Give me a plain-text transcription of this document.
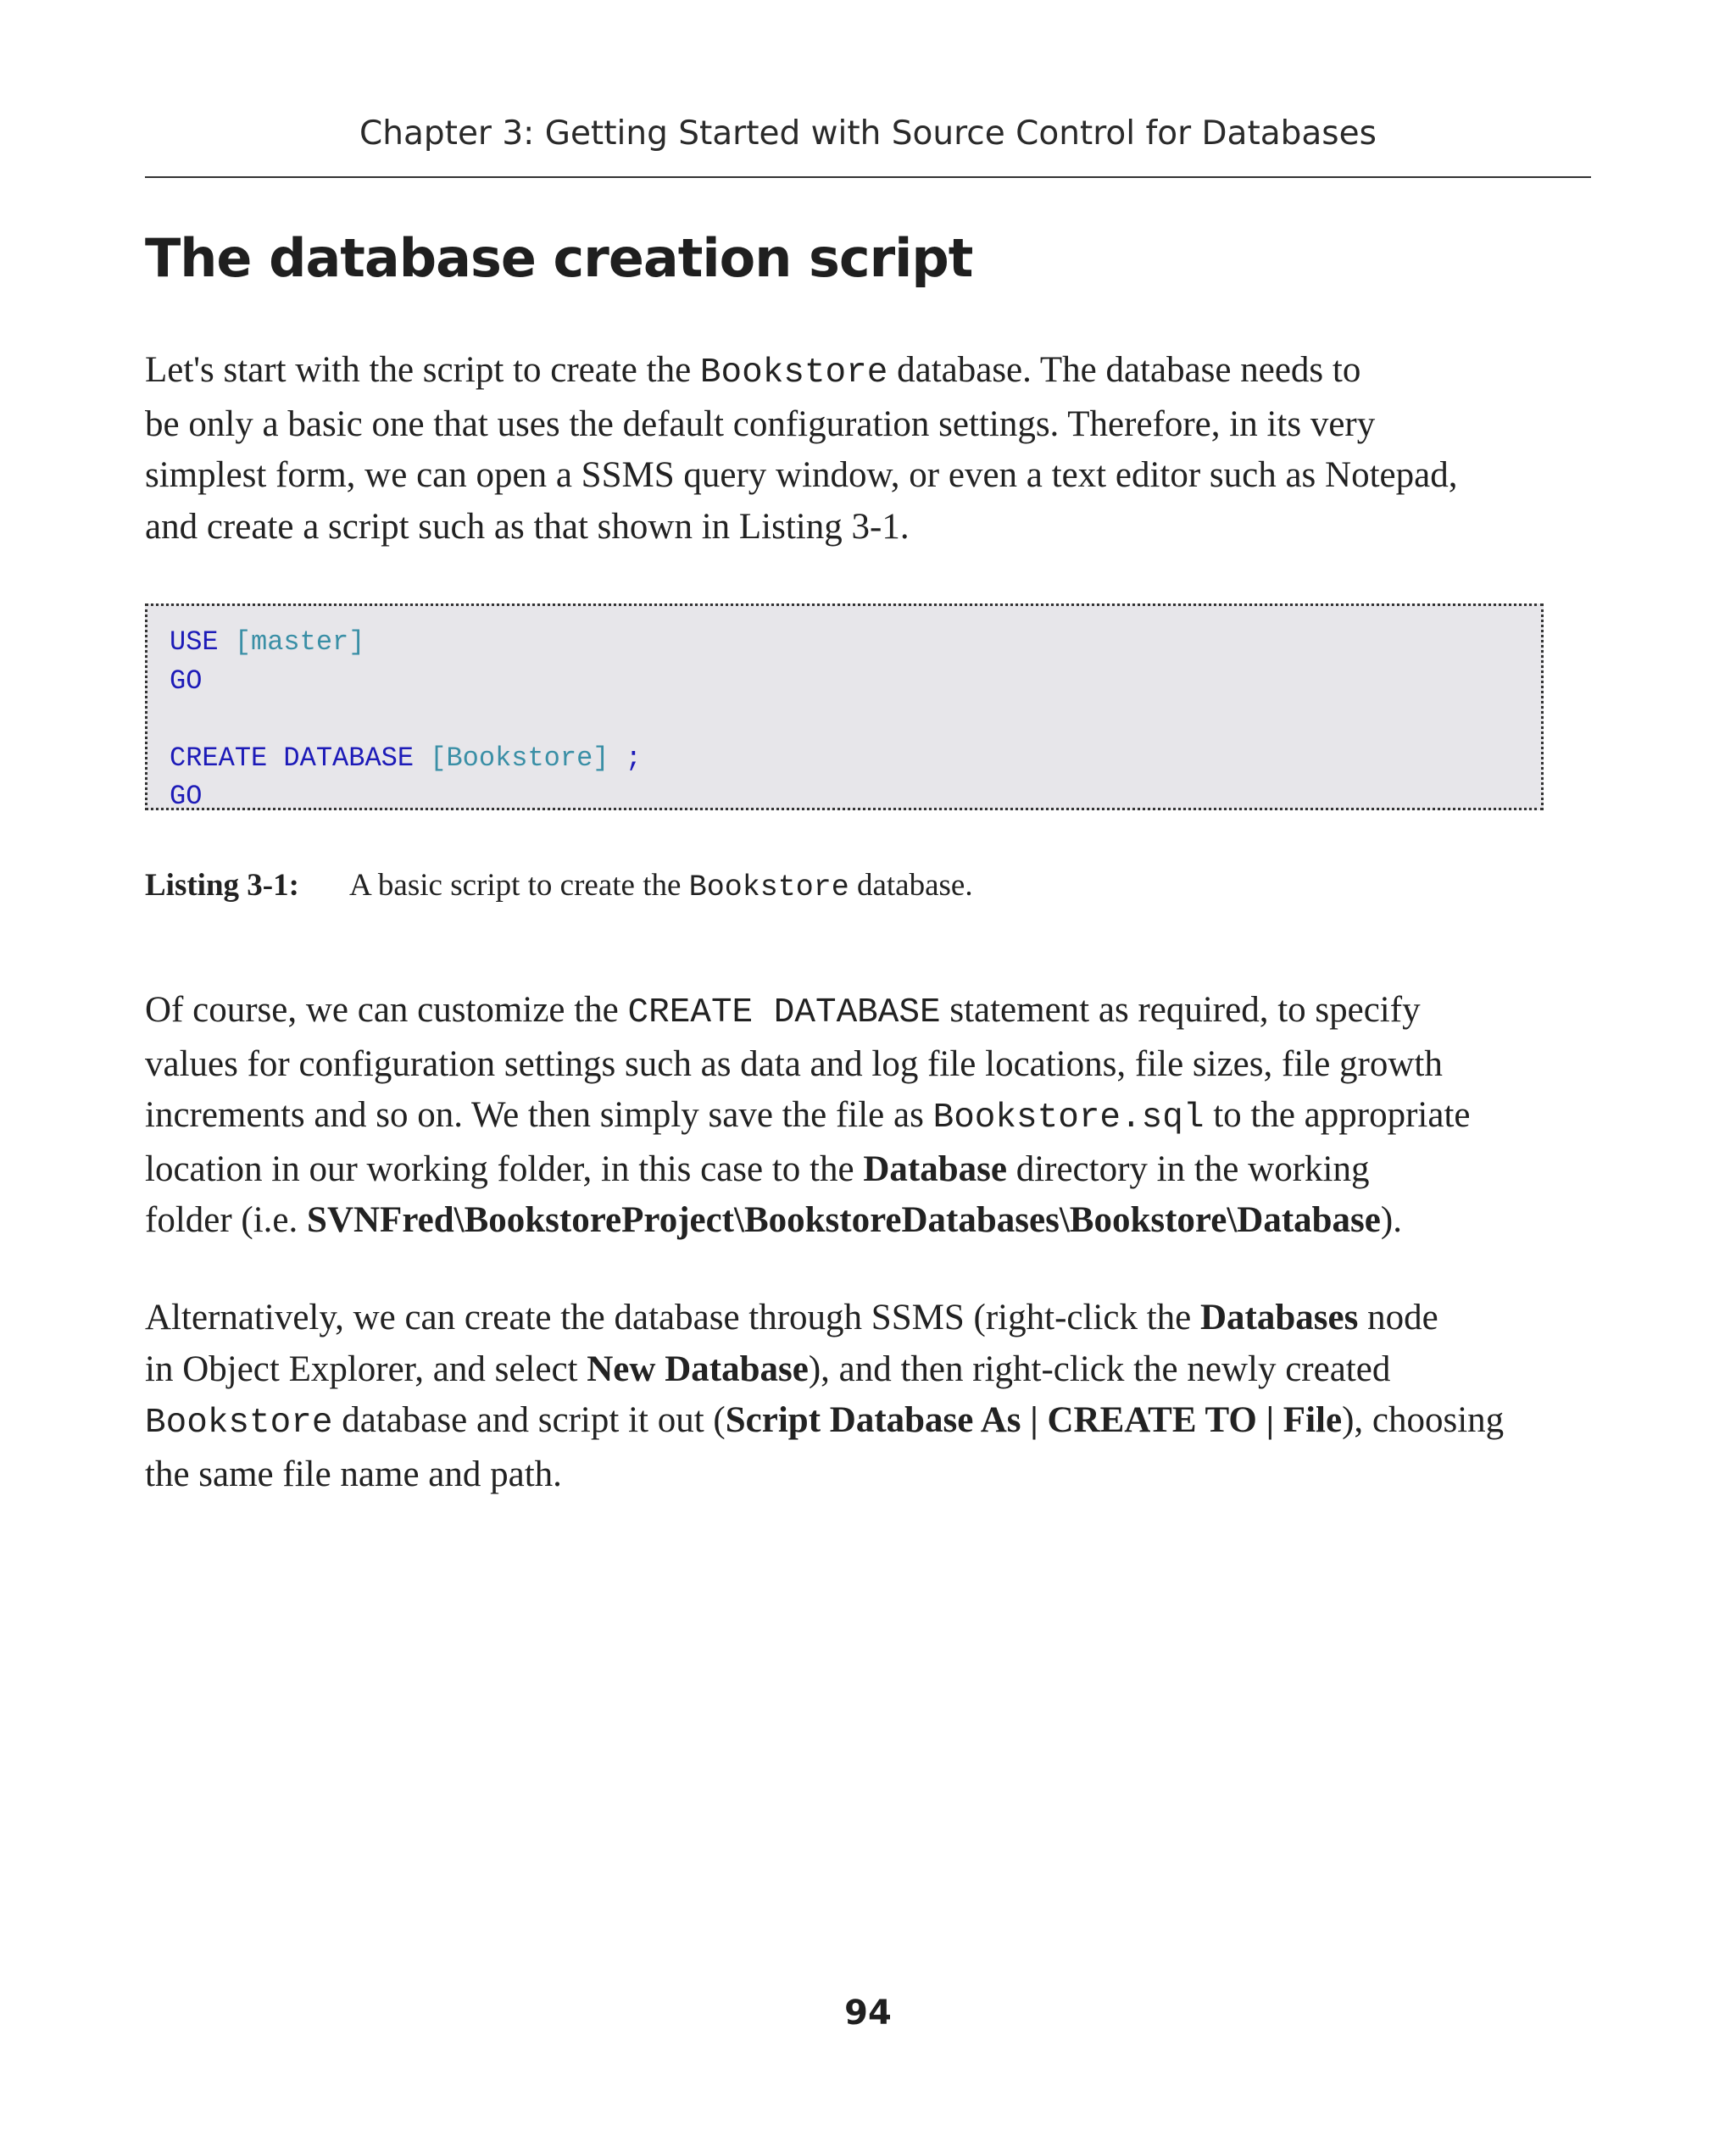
Chapter 3: Getting Started with Source Control for Databases
The database creation script

Let's start with the script to create the Bookstore database. The database needs to
be only a basic one that uses the default configuration settings. Therefore, in its very
simplest form, we can open a SSMS query window, or even a text editor such as Notepad,
and create a script such as that shown in Listing 3-1.

USE [master]
GO

CREATE DATABASE [Bookstore] ;
GO
Listing 3-1: A basic script to create the Bookstore database.

Of course, we can customize the CREATE DATABASE statement as required, to specify
values for configuration settings such as data and log file locations, file sizes, file growth
increments and so on. We then simply save the file as Bookstore.sql to the appropriate
location in our working folder, in this case to the Database directory in the working
folder (i.e. SVNFred\BookstoreProject\BookstoreDatabases\Bookstore\Database).

Alternatively, we can create the database through SSMS (right-click the Databases node
in Object Explorer, and select New Database), and then right-click the newly created
Bookstore database and script it out (Script Database As | CREATE TO | File), choosing
the same file name and path.

94
